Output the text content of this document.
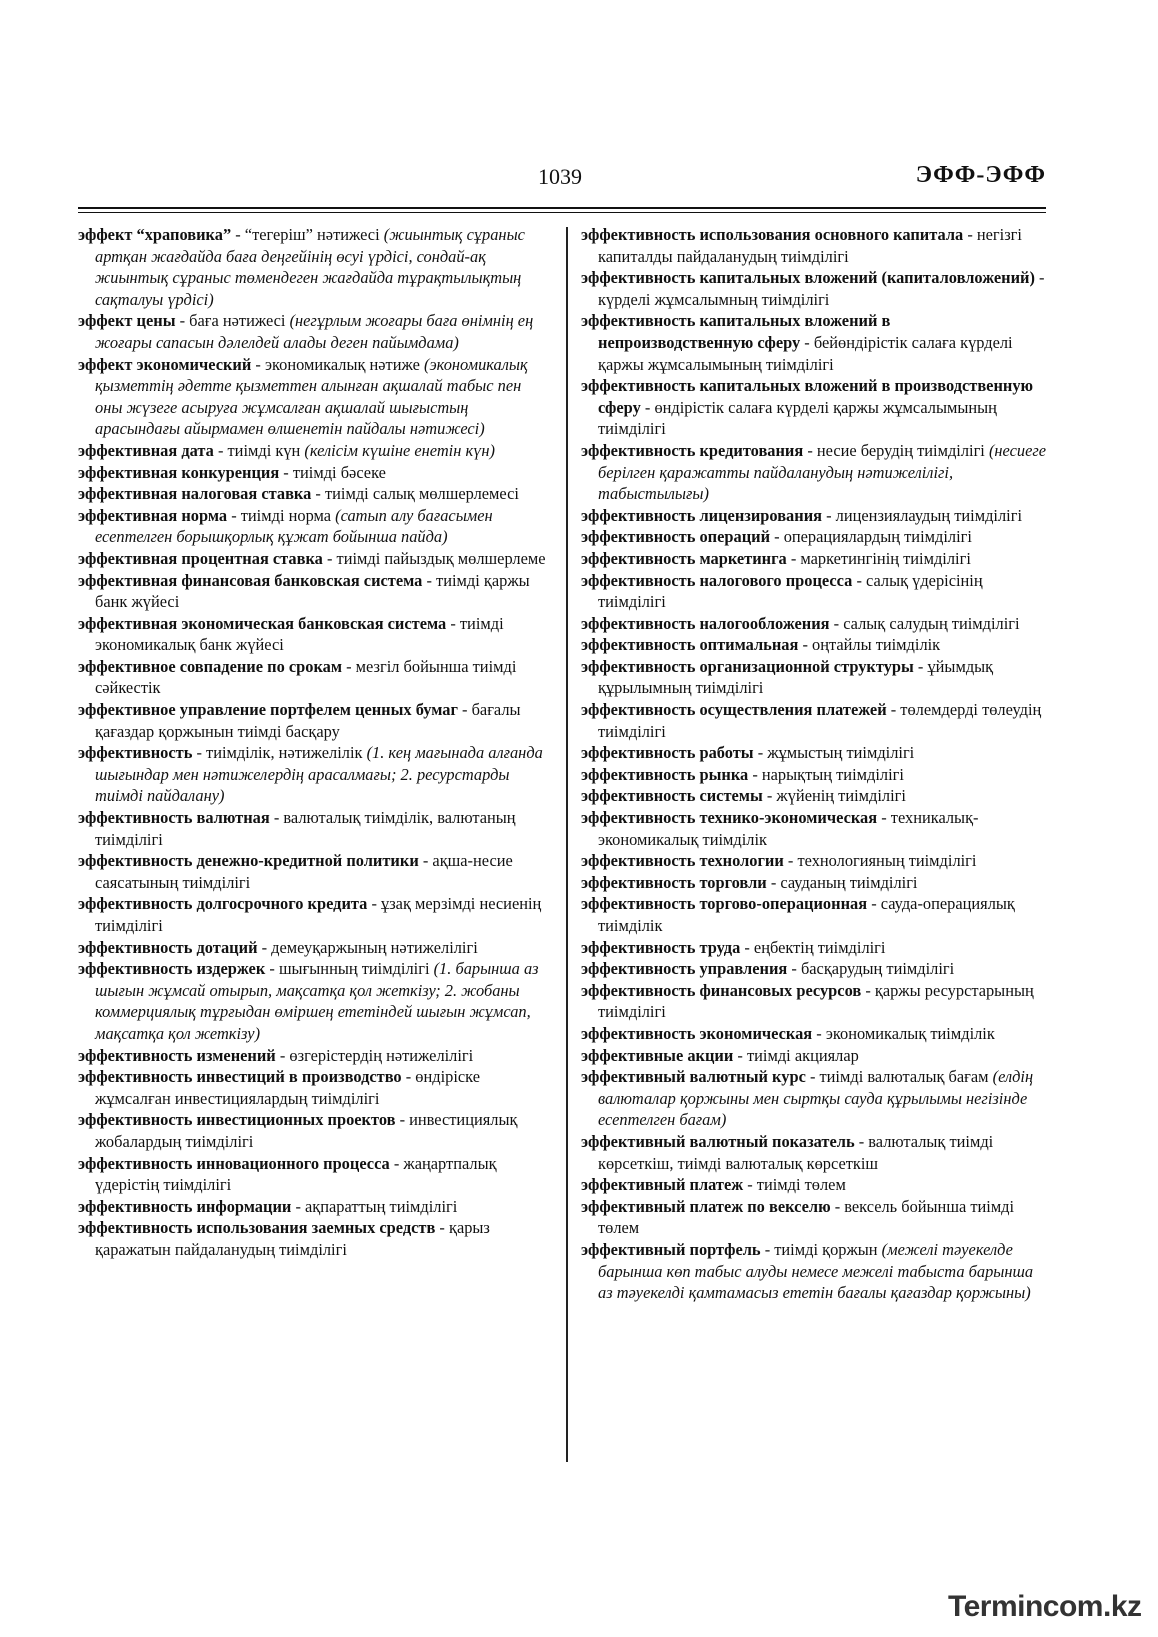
1039	ЭФФ-ЭФФ
эффект “храповика” - “тегеріш” нәтижесі (жиынтық сұраныс артқан жағдайда баға деңгейінің өсуі үрдісі, сондай-ақ жиынтық сұраныс төмендеген жағдайда тұрақтылықтың сақталуы үрдісі)
эффект цены - баға нәтижесі (негұрлым жоғары баға өнімнің ең жоғары сапасын дәлелдей алады деген пайымдама)
эффект экономический - экономикалық нәтиже (экономикалық қызметтің әдетте қызметтен алынған ақшалай табыс пен оны жүзеге асыруға жұмсалған ақшалай шығыстың арасындағы айырмамен өлшенетін пайдалы нәтижесі)
эффективная дата - тиімді күн (келісім күшіне енетін күн)
эффективная конкуренция - тиімді бәсеке
эффективная налоговая ставка - тиімді салық мөлшерлемесі
эффективная норма - тиімді норма (сатып алу бағасымен есептелген борышқорлық құжат бойынша пайда)
эффективная процентная ставка - тиімді пайыздық мөлшерлеме
эффективная финансовая банковская система - тиімді қаржы банк жүйесі
эффективная экономическая банковская система - тиімді экономикалық банк жүйесі
эффективное совпадение по срокам - мезгіл бойынша тиімді сәйкестік
эффективное управление портфелем ценных бумаг - бағалы қағаздар қоржынын тиімді басқару
эффективность - тиімділік, нәтижелілік (1. кең мағынада алғанда шығындар мен нәтижелердің арасалмағы; 2. ресурстарды тиімді пайдалану)
эффективность валютная - валюталық тиімділік, валютаның тиімділігі
эффективность денежно-кредитной политики - ақша-несие саясатының тиімділігі
эффективность долгосрочного кредита - ұзақ мерзімді несиенің тиімділігі
эффективность дотаций - демеуқаржының нәтижелілігі
эффективность издержек - шығынның тиімділігі (1. барынша аз шығын жұмсай отырып, мақсатқа қол жеткізу; 2. жобаны коммерциялық тұрғыдан өміршең ететіндей шығын жұмсап, мақсатқа қол жеткізу)
эффективность изменений - өзгерістердің нәтижелілігі
эффективность инвестиций в производство - өндіріске жұмсалған инвестициялардың тиімділігі
эффективность инвестиционных проектов - инвестициялық жобалардың тиімділігі
эффективность инновационного процесса - жаңартпалық үдерістің тиімділігі
эффективность информации - ақпараттың тиімділігі
эффективность использования заемных средств - қарыз қаражатын пайдаланудың тиімділігі
эффективность использования основного капитала - негізгі капиталды пайдаланудың тиімділігі
эффективность капитальных вложений (капиталовложений) - күрделі жұмсалымның тиімділігі
эффективность капитальных вложений в непроизводственную сферу - бейөндірістік салаға күрделі қаржы жұмсалымының тиімділігі
эффективность капитальных вложений в производственную сферу - өндірістік салаға күрделі қаржы жұмсалымының тиімділігі
эффективность кредитования - несие берудің тиімділігі (несиеге берілген қаражатты пайдаланудың нәтижелілігі, табыстылығы)
эффективность лицензирования - лицензиялаудың тиімділігі
эффективность операций - операциялардың тиімділігі
эффективность маркетинга - маркетингінің тиімділігі
эффективность налогового процесса - салық үдерісінің тиімділігі
эффективность налогообложения - салық салудың тиімділігі
эффективность оптимальная - оңтайлы тиімділік
эффективность организационной структуры - ұйымдық құрылымның тиімділігі
эффективность осуществления платежей - төлемдерді төлеудің тиімділігі
эффективность работы - жұмыстың тиімділігі
эффективность рынка - нарықтың тиімділігі
эффективность системы - жүйенің тиімділігі
эффективность технико-экономическая - техникалық-экономикалық тиімділік
эффективность технологии - технологияның тиімділігі
эффективность торговли - сауданың тиімділігі
эффективность торгово-операционная - сауда-операциялық тиімділік
эффективность труда - еңбектің тиімділігі
эффективность управления - басқарудың тиімділігі
эффективность финансовых ресурсов - қаржы ресурстарының тиімділігі
эффективность экономическая - экономикалық тиімділік
эффективные акции - тиімді акциялар
эффективный валютный курс - тиімді валюталық бағам (елдің валюталар қоржыны мен сыртқы сауда құрылымы негізінде есептелген бағам)
эффективный валютный показатель - валюталық тиімді көрсеткіш, тиімді валюталық көрсеткіш
эффективный платеж - тиімді төлем
эффективный платеж по векселю - вексель бойынша тиімді төлем
эффективный портфель - тиімді қоржын (межелі тәуекелде барынша көп табыс алуды немесе межелі табыста барынша аз тәуекелді қамтамасыз ететін бағалы қағаздар қоржыны)
Termincom.kz
